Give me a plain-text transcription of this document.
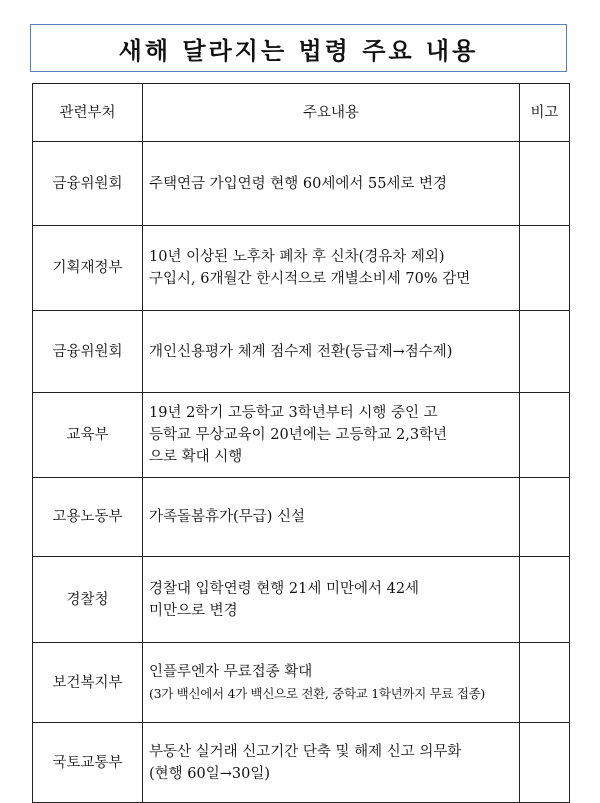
새해 달라지는 법령 주요 내용
관련부처	주요내용	비고
금융위원회	주택연금 가입연령 현행 60세에서 55세로 변경	

기획재정부	10년 이상된 노후차 폐차 후 신차(경유차 제외)
구입시, 6개월간 한시적으로 개별소비세 70% 감면	

금융위원회	개인신용평가 체계 점수제 전환(등급제→점수제)	

교육부	19년 2학기 고등학교 3학년부터 시행 중인 고
등학교 무상교육이 20년에는 고등학교 2,3학년
으로 확대 시행	

고용노동부	가족돌봄휴가(무급) 신설	

경찰청	경찰대 입학연령 현행 21세 미만에서 42세
미만으로 변경	

보건복지부	인플루엔자 무료접종 확대
(3가 백신에서 4가 백신으로 전환, 중학교 1학년까지 무료 접종)	

국토교통부	부동산 실거래 신고기간 단축 및 해제 신고 의무화
(현행 60일→30일)	
